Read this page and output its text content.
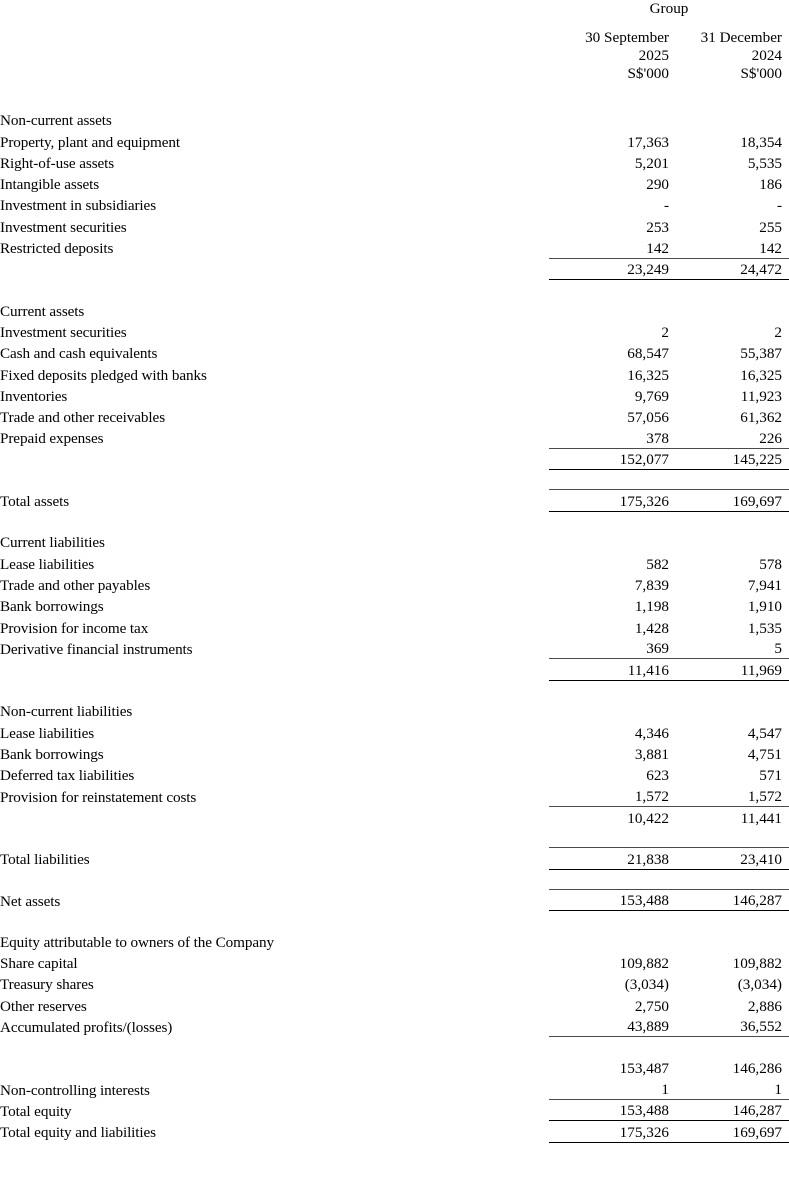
	Group	

	30 September		31 December
	2025		2024
	S$'000		S$'000

Non-current assets			
Property, plant and equipment	17,363		18,354
Right-of-use assets	5,201		5,535
Intangible assets	290		186
Investment in subsidiaries	-		-
Investment securities	253		255
Restricted deposits	142		142
	23,249		24,472

Current assets			
Investment securities	2		2
Cash and cash equivalents	68,547		55,387
Fixed deposits pledged with banks	16,325		16,325
Inventories	9,769		11,923
Trade and other receivables	57,056		61,362
Prepaid expenses	378		226
	152,077		145,225

Total assets	175,326		169,697

Current liabilities			
Lease liabilities	582		578
Trade and other payables	7,839		7,941
Bank borrowings	1,198		1,910
Provision for income tax	1,428		1,535
Derivative financial instruments	369		5
	11,416		11,969

Non-current liabilities			
Lease liabilities	4,346		4,547
Bank borrowings	3,881		4,751
Deferred tax liabilities	623		571
Provision for reinstatement costs	1,572		1,572
	10,422		11,441

Total liabilities	21,838		23,410

Net assets	153,488		146,287

Equity attributable to owners of the Company			
Share capital	109,882		109,882
Treasury shares	(3,034)		(3,034)
Other reserves	2,750		2,886
Accumulated profits/(losses)	43,889		36,552

	153,487		146,286
Non-controlling interests	1		1
Total equity	153,488		146,287
Total equity and liabilities	175,326		169,697
